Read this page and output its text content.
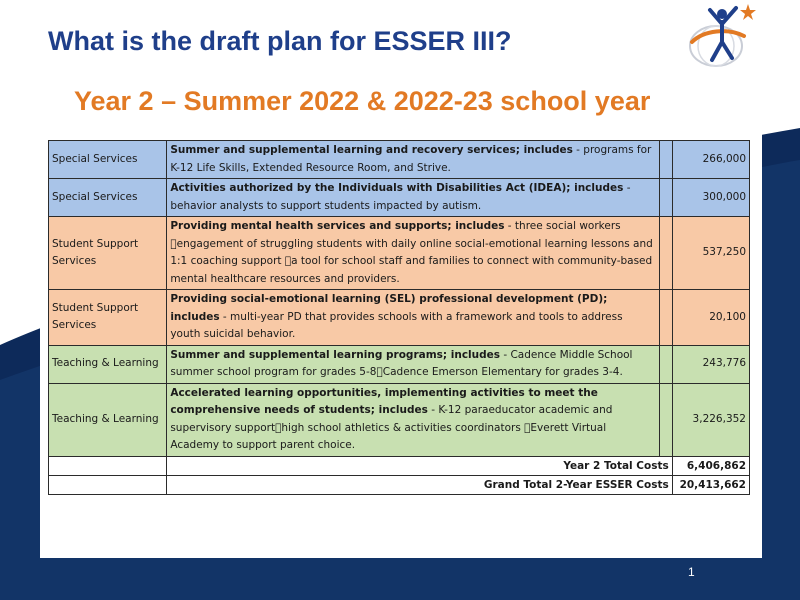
What is the draft plan for ESSER III?
Year 2 – Summer 2022 & 2022-23 school year
Special Services	Summer and supplemental learning and recovery services; includes - programs for K-12 Life Skills, Extended Resource Room, and Strive.		266,000
Special Services	Activities authorized by the Individuals with Disabilities Act (IDEA); includes - behavior analysts to support students impacted by autism.		300,000
Student Support Services	Providing mental health services and supports; includes - three social workers engagement of struggling students with daily online social-emotional learning lessons and 1:1 coaching support a tool for school staff and families to connect with community-based mental healthcare resources and providers.		537,250
Student Support Services	Providing social-emotional learning (SEL) professional development (PD); includes - multi-year PD that provides schools with a framework and tools to address youth suicidal behavior.		20,100
Teaching & Learning	Summer and supplemental learning programs; includes - Cadence Middle School summer school program for grades 5-8 Cadence Emerson Elementary for grades 3-4.		243,776
Teaching & Learning	Accelerated learning opportunities, implementing activities to meet the comprehensive needs of students; includes - K-12 paraeducator academic and supervisory support high school athletics & activities coordinators Everett Virtual Academy to support parent choice.		3,226,352
	Year 2 Total Costs		6,406,862
	Grand Total 2-Year ESSER Costs		20,413,662
1
